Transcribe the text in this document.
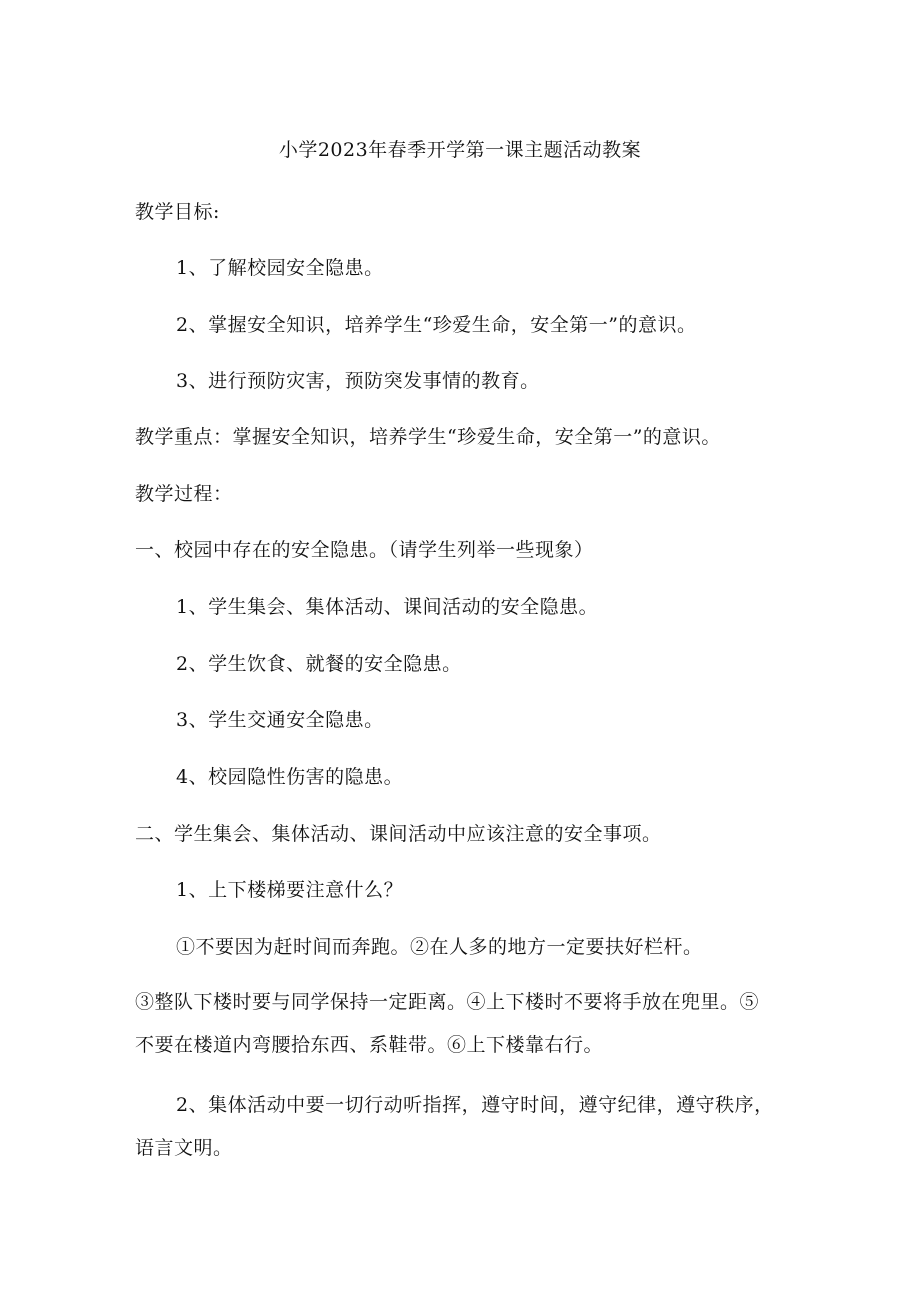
小学2023年春季开学第一课主题活动教案
教学目标:
1、了解校园安全隐患。
2、掌握安全知识，培养学生“珍爱生命，安全第一”的意识。
3、进行预防灾害，预防突发事情的教育。
教学重点：掌握安全知识，培养学生“珍爱生命，安全第一”的意识。
教学过程：
一、校园中存在的安全隐患。（请学生列举一些现象）
1、学生集会、集体活动、课间活动的安全隐患。
2、学生饮食、就餐的安全隐患。
3、学生交通安全隐患。
4、校园隐性伤害的隐患。
二、学生集会、集体活动、课间活动中应该注意的安全事项。
1、上下楼梯要注意什么？
①不要因为赶时间而奔跑。②在人多的地方一定要扶好栏杆。
③整队下楼时要与同学保持一定距离。④上下楼时不要将手放在兜里。⑤
不要在楼道内弯腰拾东西、系鞋带。⑥上下楼靠右行。
2、集体活动中要一切行动听指挥，遵守时间，遵守纪律，遵守秩序，
语言文明。
